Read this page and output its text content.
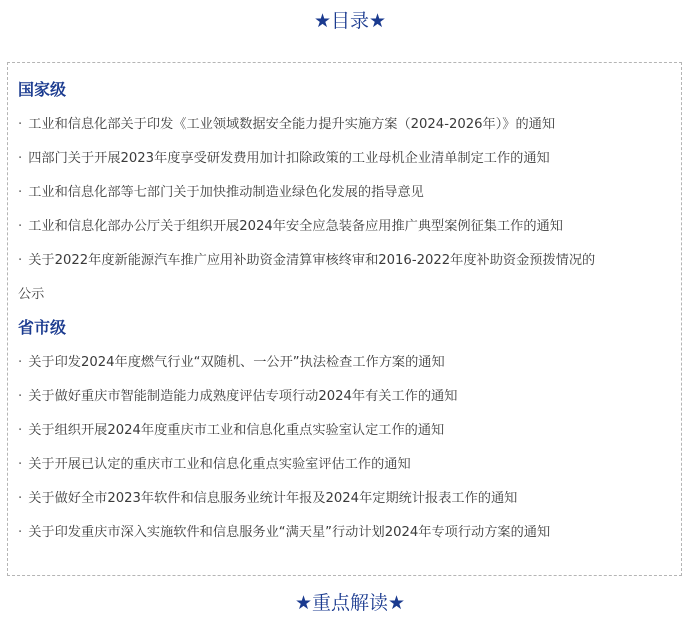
★目录★
国家级
· 工业和信息化部关于印发《工业领域数据安全能力提升实施方案（2024-2026年）》的通知
· 四部门关于开展2023年度享受研发费用加计扣除政策的工业母机企业清单制定工作的通知
· 工业和信息化部等七部门关于加快推动制造业绿色化发展的指导意见
· 工业和信息化部办公厅关于组织开展2024年安全应急装备应用推广典型案例征集工作的通知
· 关于2022年度新能源汽车推广应用补助资金清算审核终审和2016-2022年度补助资金预拨情况的
公示
省市级
· 关于印发2024年度燃气行业“双随机、一公开”执法检查工作方案的通知
· 关于做好重庆市智能制造能力成熟度评估专项行动2024年有关工作的通知
· 关于组织开展2024年度重庆市工业和信息化重点实验室认定工作的通知
· 关于开展已认定的重庆市工业和信息化重点实验室评估工作的通知
· 关于做好全市2023年软件和信息服务业统计年报及2024年定期统计报表工作的通知
· 关于印发重庆市深入实施软件和信息服务业“满天星”行动计划2024年专项行动方案的通知
★重点解读★
